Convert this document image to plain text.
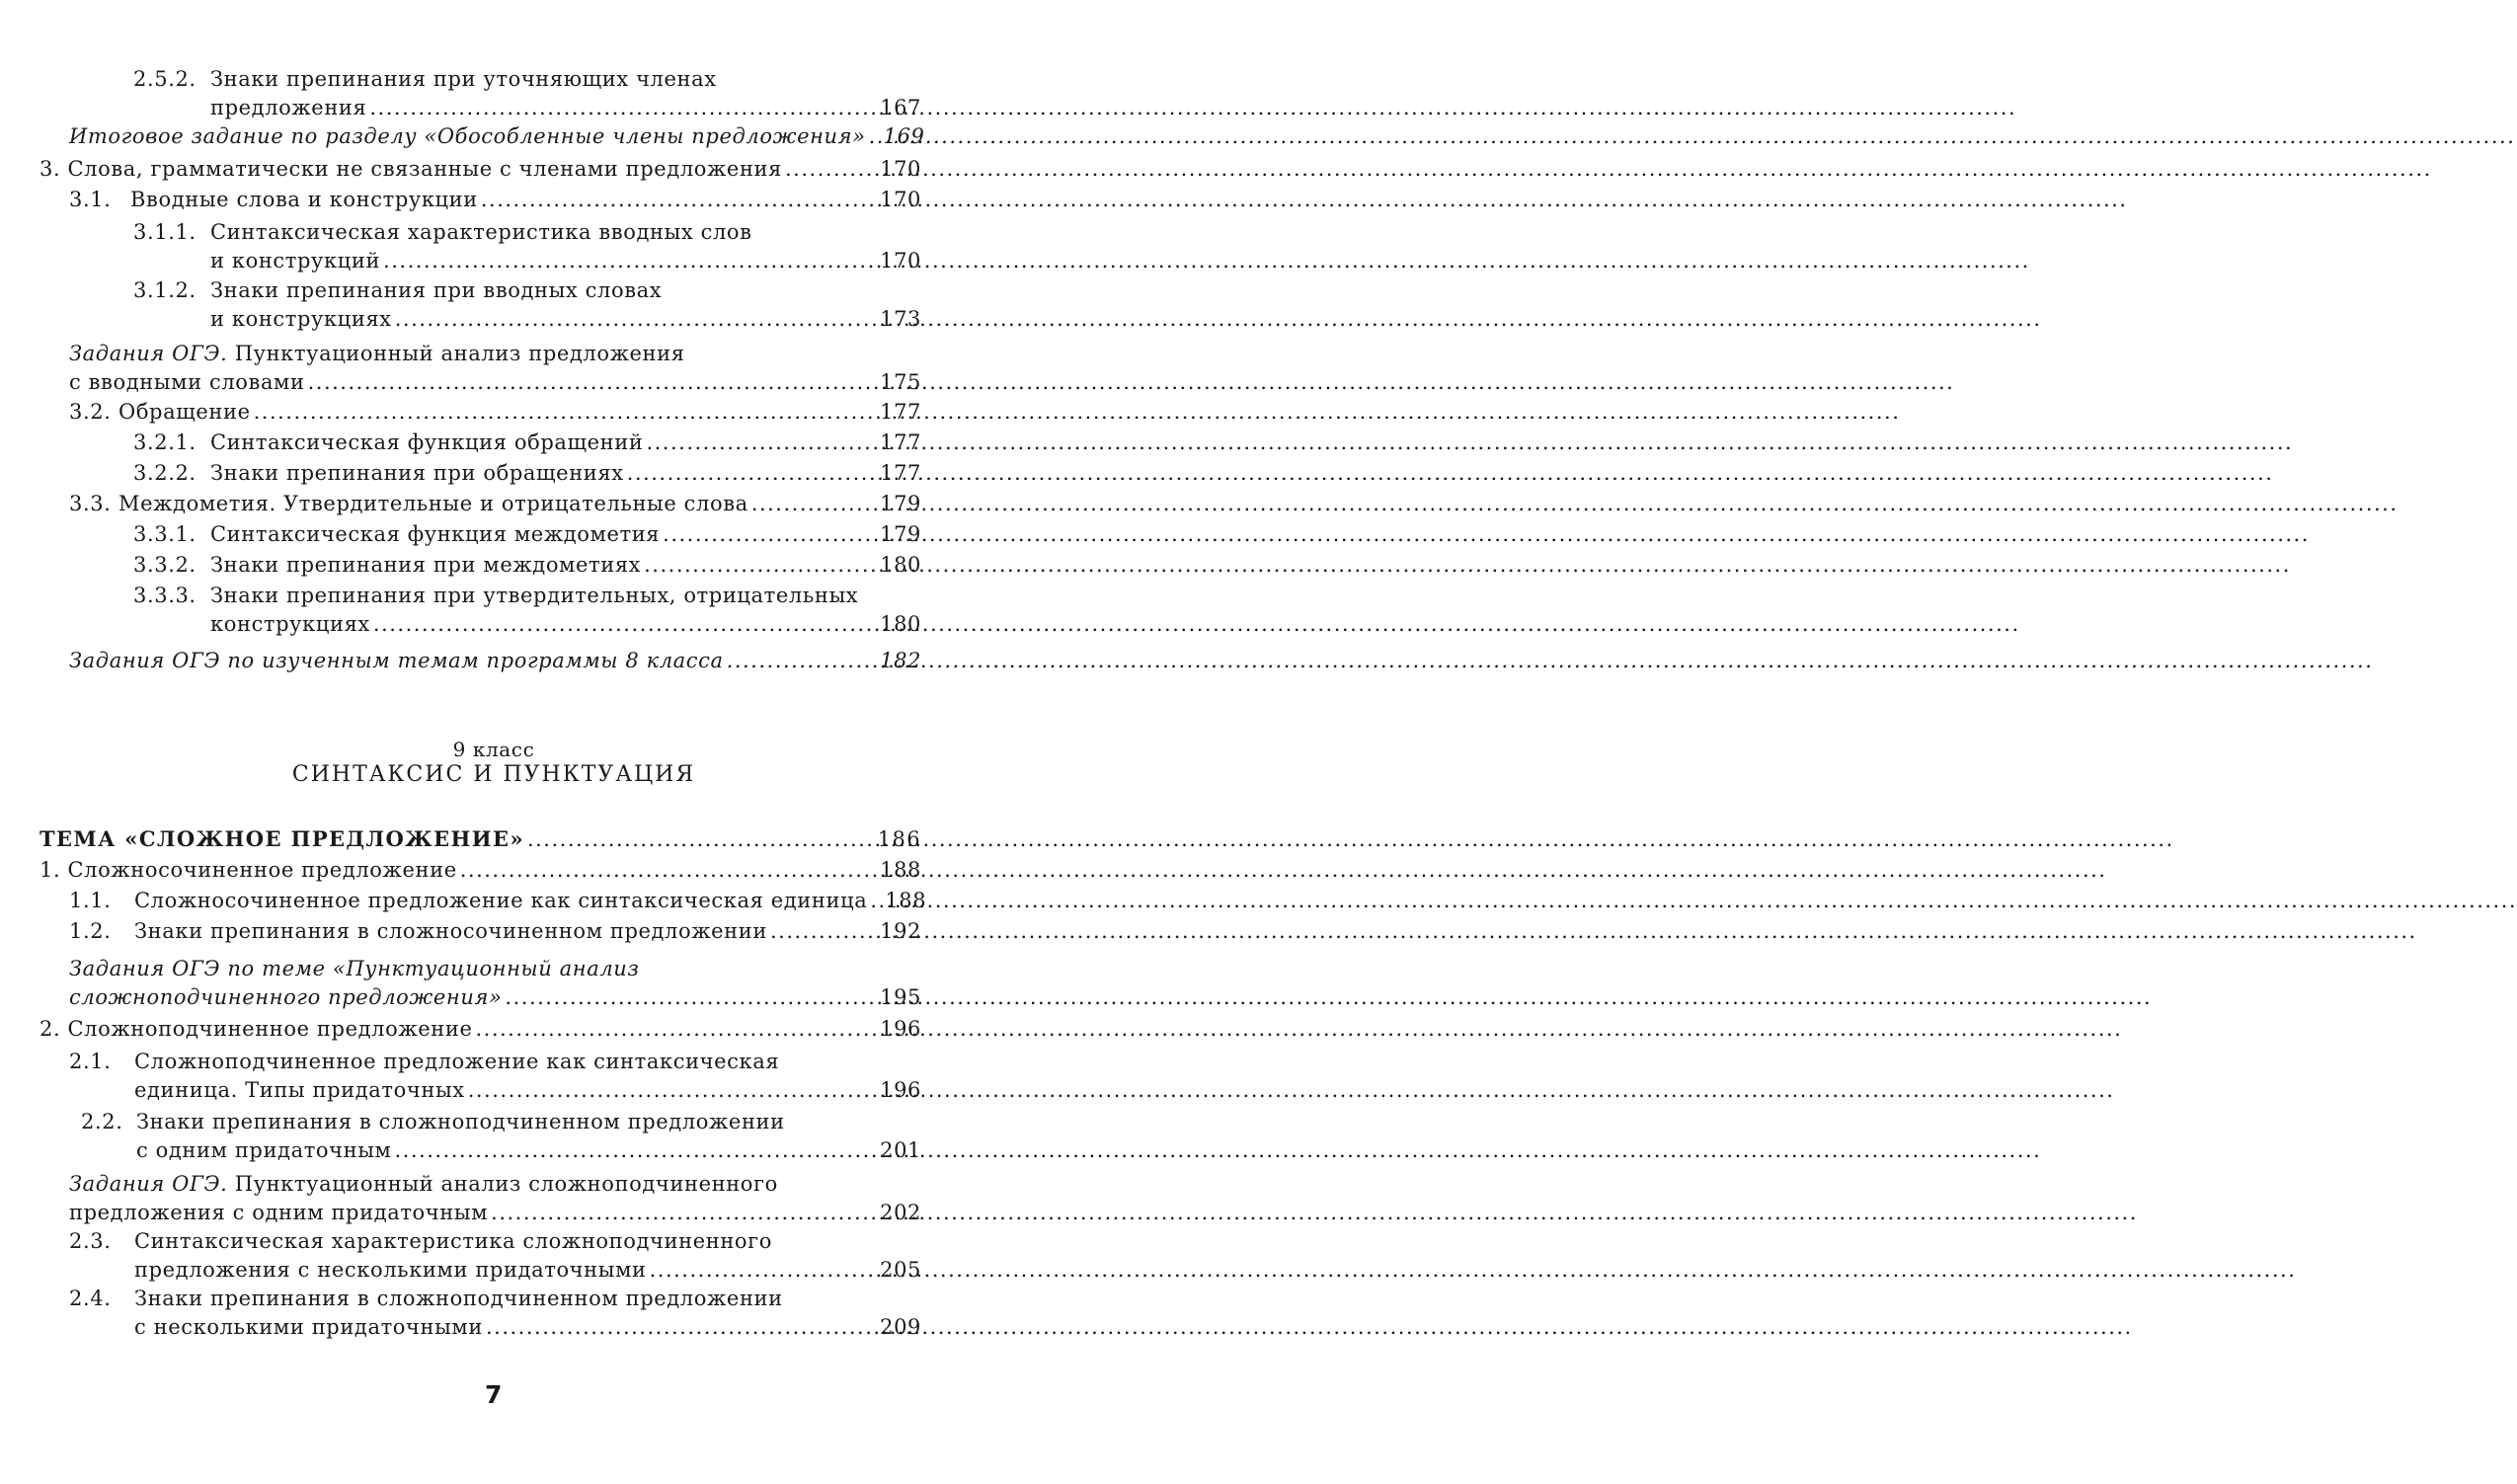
2.5.2. Знаки препинания при уточняющих членах
предложения .....	167
Итоговое задание по разделу «Обособленные члены предложения» ..... 169
3. Слова, грамматически не связанные с членами предложения .....	170
3.1. Вводные слова и конструкции .....	170
3.1.1. Синтаксическая характеристика вводных слов
и конструкций .....	170
3.1.2. Знаки препинания при вводных словах
и конструкциях .....	173
Задания ОГЭ. Пунктуационный анализ предложения
с вводными словами .....	175
3.2. Обращение .....	177
3.2.1. Синтаксическая функция обращений .....	177
3.2.2. Знаки препинания при обращениях .....	177
3.3. Междометия. Утвердительные и отрицательные слова .....	179
3.3.1. Синтаксическая функция междометия .....	179
3.3.2. Знаки препинания при междометиях .....	180
3.3.3. Знаки препинания при утвердительных, отрицательных
конструкциях .....	180
Задания ОГЭ по изученным темам программы 8 класса .....	182
9 класс
СИНТАКСИС И ПУНКТУАЦИЯ
ТЕМА «СЛОЖНОЕ ПРЕДЛОЖЕНИЕ» .....	186
1. Сложносочиненное предложение .....	188
1.1.	Сложносочиненное предложение как синтаксическая единица ..... 188
1.2.	Знаки препинания в сложносочиненном предложении .....	192
Задания ОГЭ по теме «Пунктуационный анализ
сложноподчиненного предложения» .....	195
2. Сложноподчиненное предложение .....	196
2.1.	Сложноподчиненное предложение как синтаксическая
единица. Типы придаточных .....	196
2.2. Знаки препинания в сложноподчиненном предложении
с одним придаточным .....	201
Задания ОГЭ. Пунктуационный анализ сложноподчиненного
предложения с одним придаточным .....	202
2.3.	Синтаксическая характеристика сложноподчиненного
предложения с несколькими придаточными .....	205
2.4.	Знаки препинания в сложноподчиненном предложении
с несколькими придаточными .....	209
7
